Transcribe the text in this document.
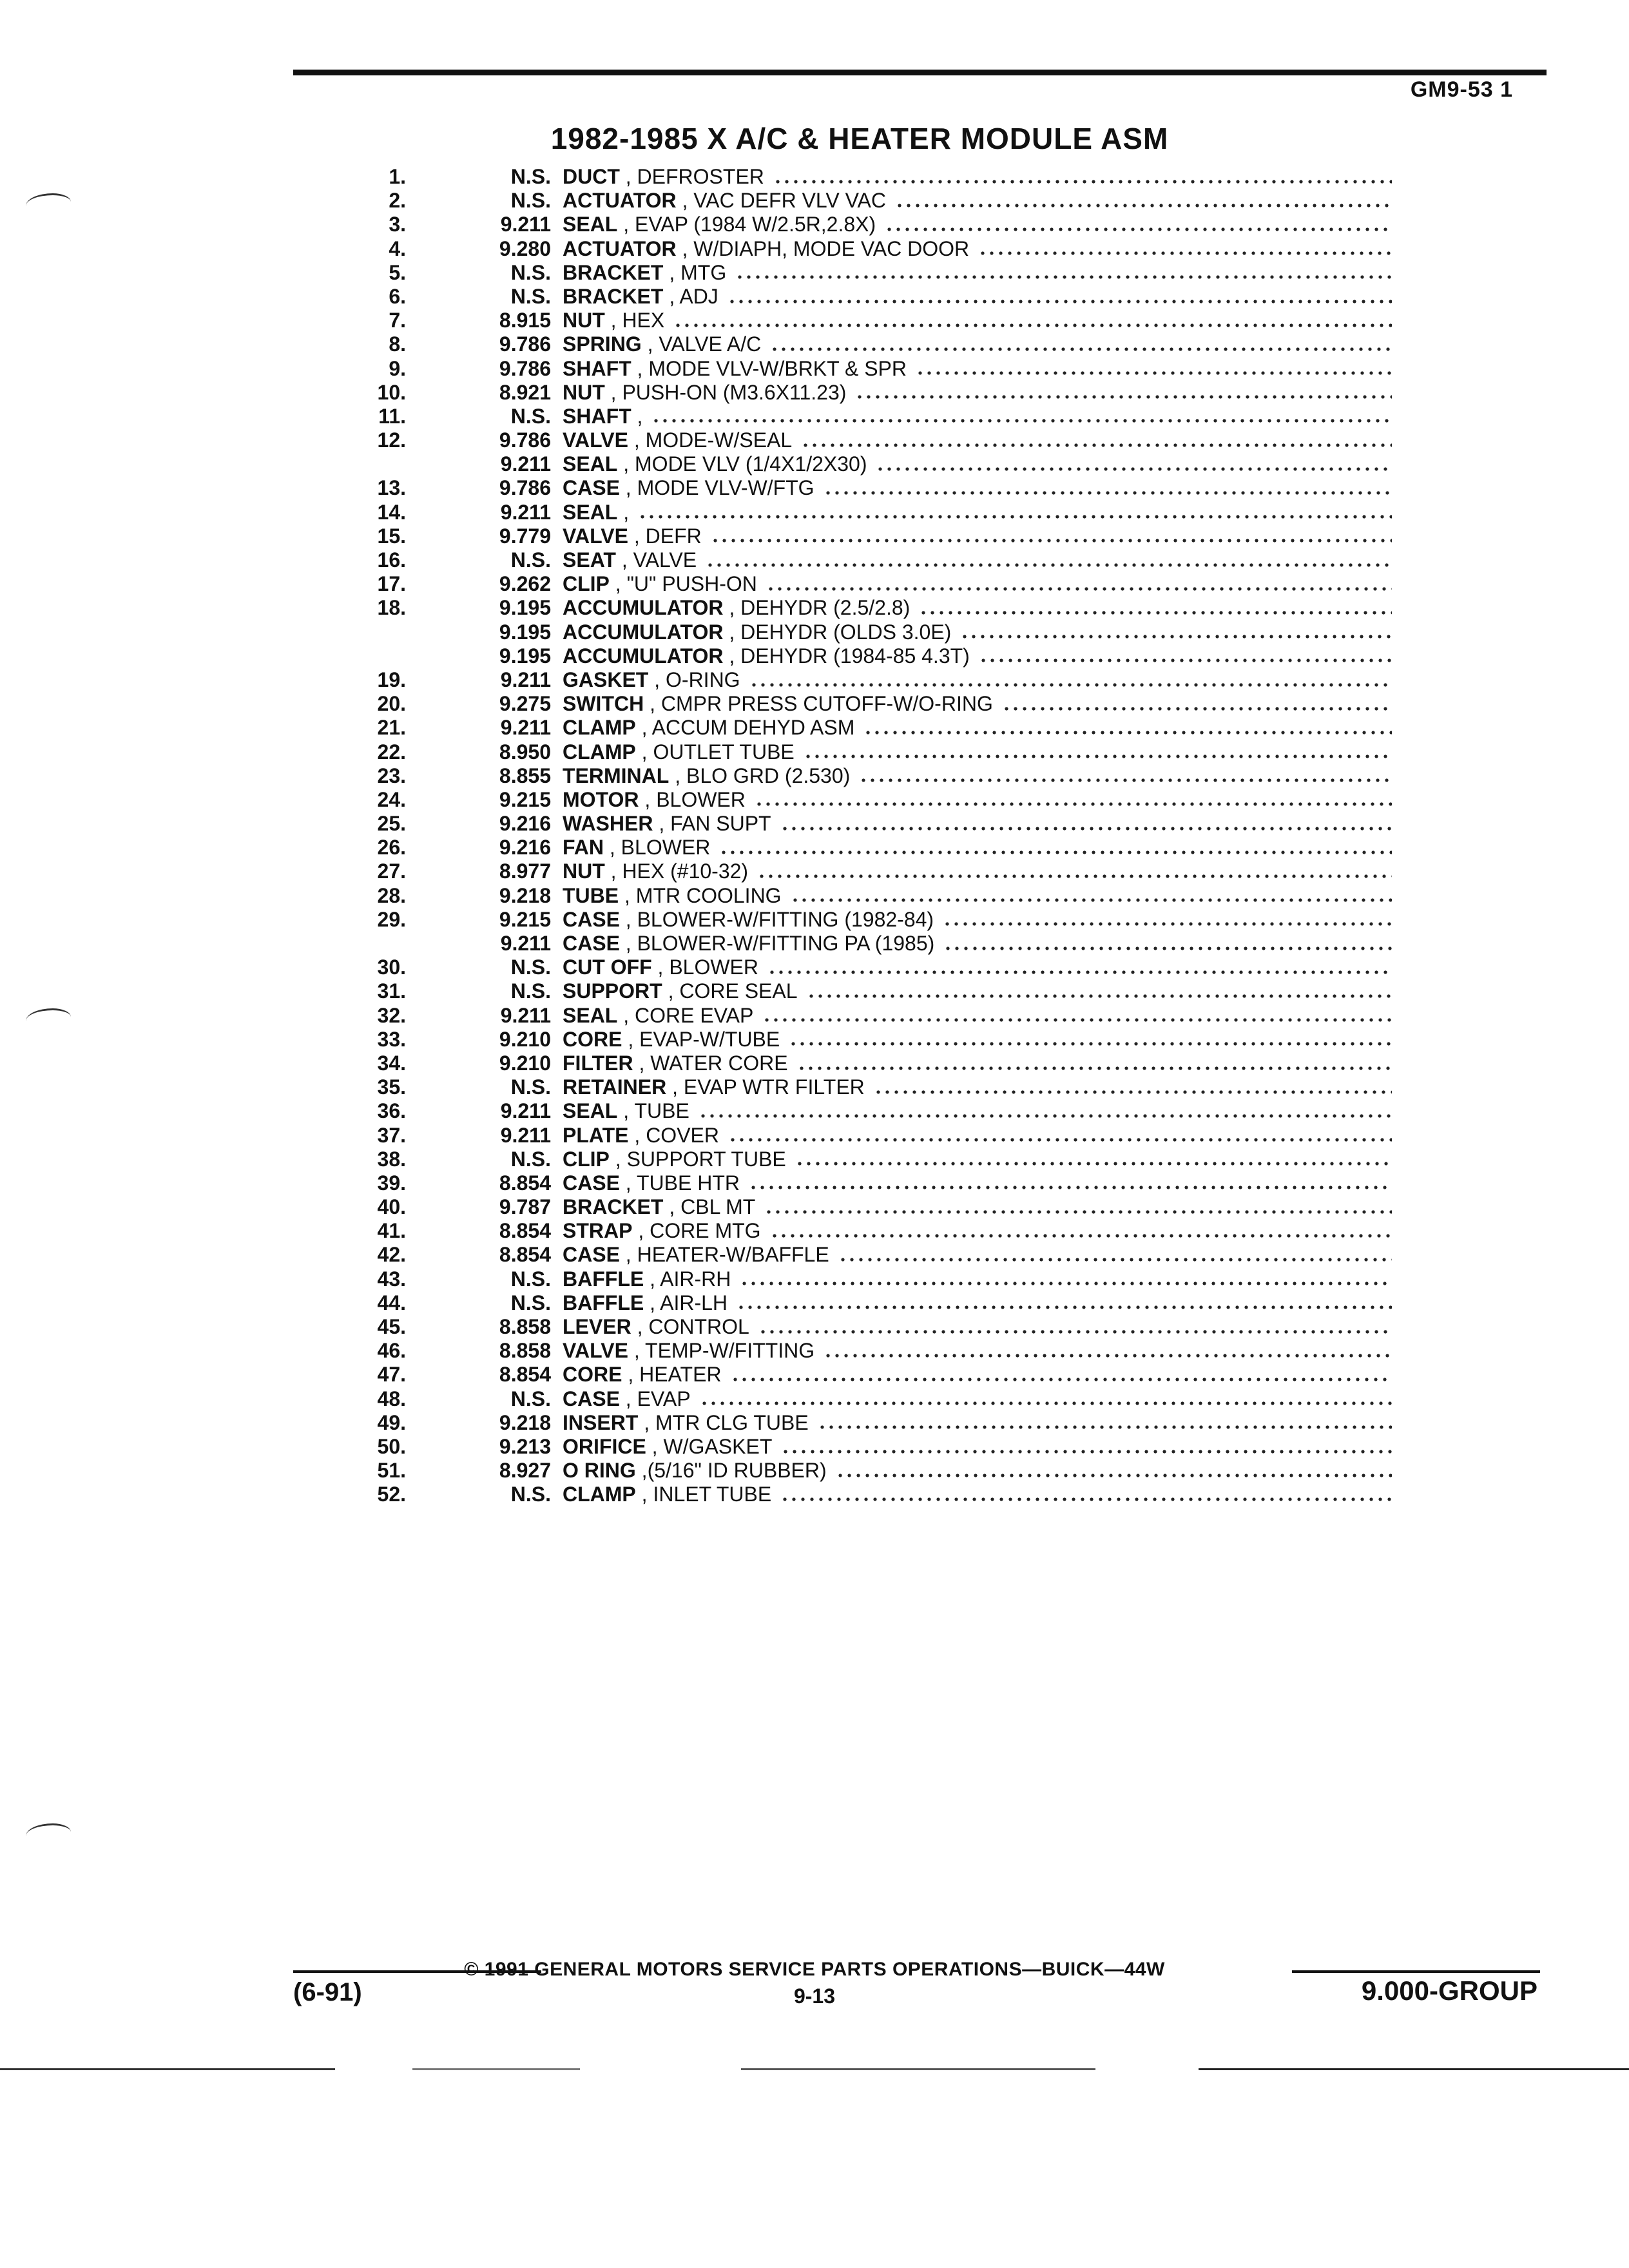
GM9-53 1
1982-1985 X A/C & HEATER MODULE ASM
1.	N.S. DUCT , DEFROSTER
2.	N.S. ACTUATOR , VAC DEFR VLV VAC
3.	9.211 SEAL , EVAP (1984 W/2.5R,2.8X)
4.	9.280 ACTUATOR , W/DIAPH, MODE VAC DOOR
5.	N.S. BRACKET , MTG
6.	N.S. BRACKET , ADJ
7.	8.915 NUT , HEX
8.	9.786 SPRING , VALVE A/C
9.	9.786 SHAFT , MODE VLV-W/BRKT & SPR
10.	8.921 NUT , PUSH-ON (M3.6X11.23)
11.	N.S. SHAFT ,
12.	9.786 VALVE , MODE-W/SEAL
9.211 SEAL , MODE VLV (1/4X1/2X30)
13.	9.786 CASE , MODE VLV-W/FTG
14.	9.211 SEAL ,
15.	9.779 VALVE , DEFR
16.	N.S. SEAT , VALVE
17.	9.262 CLIP , "U" PUSH-ON
18.	9.195 ACCUMULATOR , DEHYDR (2.5/2.8)
9.195 ACCUMULATOR , DEHYDR (OLDS 3.0E)
9.195 ACCUMULATOR , DEHYDR (1984-85 4.3T)
19.	9.211 GASKET , O-RING
20.	9.275 SWITCH , CMPR PRESS CUTOFF-W/O-RING
21.	9.211 CLAMP , ACCUM DEHYD ASM
22.	8.950 CLAMP , OUTLET TUBE
23.	8.855 TERMINAL , BLO GRD (2.530)
24.	9.215 MOTOR , BLOWER
25.	9.216 WASHER , FAN SUPT
26.	9.216 FAN , BLOWER
27.	8.977 NUT , HEX (#10-32)
28.	9.218 TUBE , MTR COOLING
29.	9.215 CASE , BLOWER-W/FITTING (1982-84)
9.211 CASE , BLOWER-W/FITTING PA (1985)
30.	N.S. CUT OFF , BLOWER
31.	N.S. SUPPORT , CORE SEAL
32.	9.211 SEAL , CORE EVAP
33.	9.210 CORE , EVAP-W/TUBE
34.	9.210 FILTER , WATER CORE
35.	N.S. RETAINER , EVAP WTR FILTER
36.	9.211 SEAL , TUBE
37.	9.211 PLATE , COVER
38.	N.S. CLIP , SUPPORT TUBE
39.	8.854 CASE , TUBE HTR
40.	9.787 BRACKET , CBL MT
41.	8.854 STRAP , CORE MTG
42.	8.854 CASE , HEATER-W/BAFFLE
43.	N.S. BAFFLE , AIR-RH
44.	N.S. BAFFLE , AIR-LH
45.	8.858 LEVER , CONTROL
46.	8.858 VALVE , TEMP-W/FITTING
47.	8.854 CORE , HEATER
48.	N.S. CASE , EVAP
49.	9.218 INSERT , MTR CLG TUBE
50.	9.213 ORIFICE , W/GASKET
51.	8.927 O RING ,(5/16" ID RUBBER)
52.	N.S. CLAMP , INLET TUBE
© 1991 GENERAL MOTORS SERVICE PARTS OPERATIONS—BUICK—44W
(6-91)	9-13	9.000-GROUP
